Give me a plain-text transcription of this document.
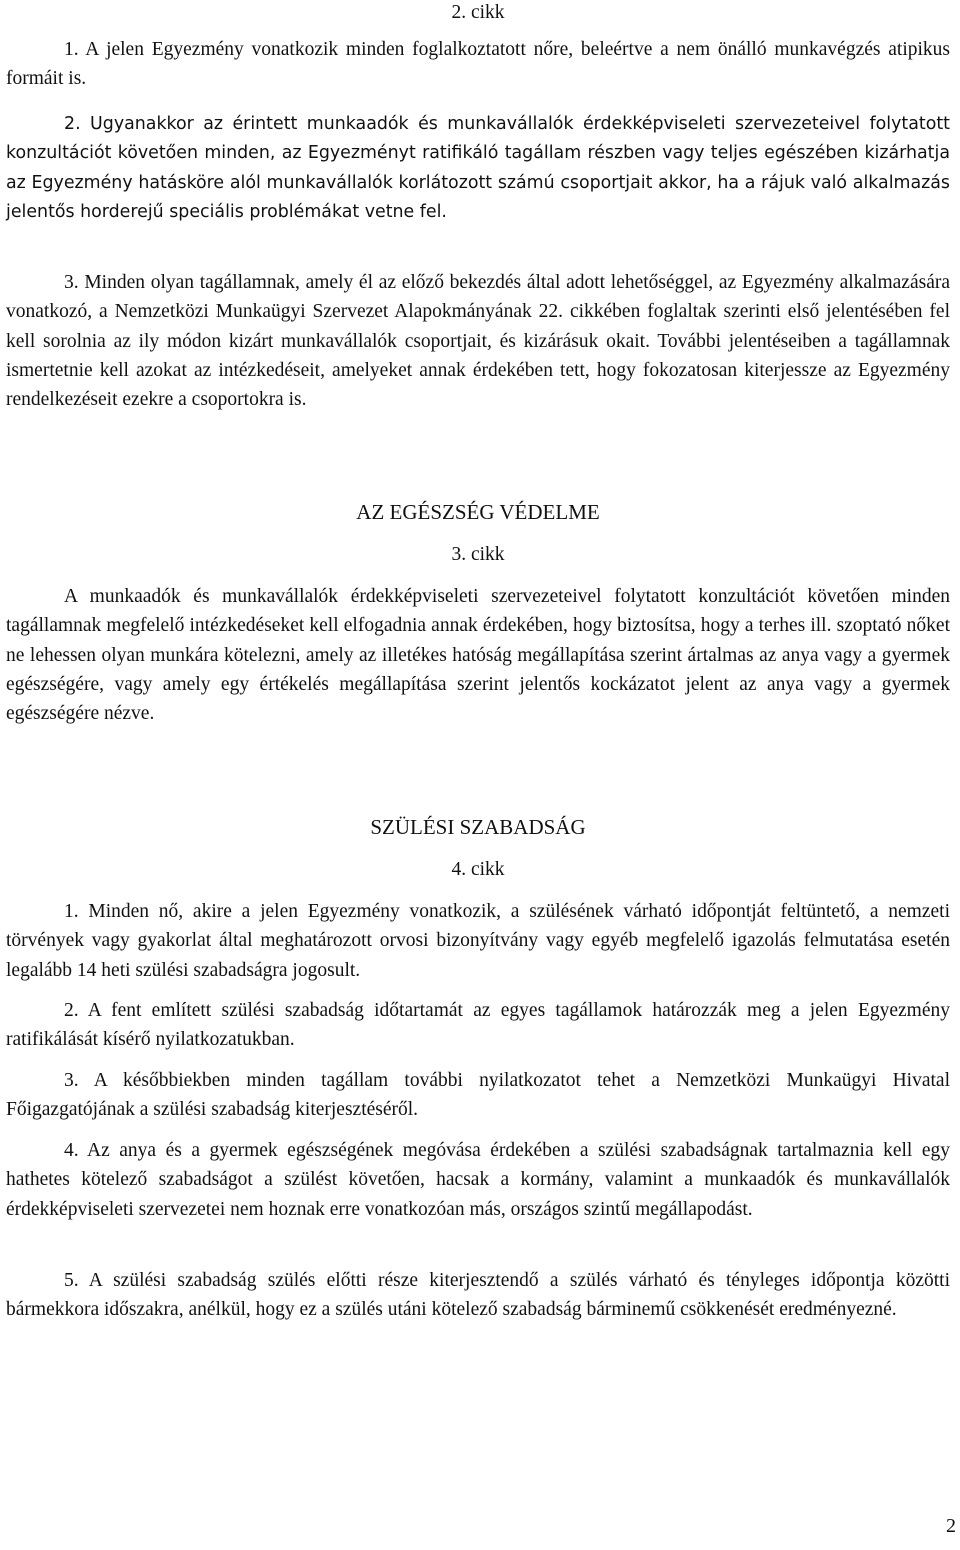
2. cikk

1. A jelen Egyezmény vonatkozik minden foglalkoztatott nőre, beleértve a nem önálló munkavégzés atipikus formáit is.

2. Ugyanakkor az érintett munkaadók és munkavállalók érdekképviseleti szervezeteivel folytatott konzultációt követően minden, az Egyezményt ratifikáló tagállam részben vagy teljes egészében kizárhatja az Egyezmény hatásköre alól munkavállalók korlátozott számú csoportjait akkor, ha a rájuk való alkalmazás jelentős horderejű speciális problémákat vetne fel.

3. Minden olyan tagállamnak, amely él az előző bekezdés által adott lehetőséggel, az Egyezmény alkalmazására vonatkozó, a Nemzetközi Munkaügyi Szervezet Alapokmányának 22. cikkében foglaltak szerinti első jelentésében fel kell sorolnia az ily módon kizárt munkavállalók csoportjait, és kizárásuk okait. További jelentéseiben a tagállamnak ismertetnie kell azokat az intézkedéseit, amelyeket annak érdekében tett, hogy fokozatosan kiterjessze az Egyezmény rendelkezéseit ezekre a csoportokra is.

AZ EGÉSZSÉG VÉDELME
3. cikk

A munkaadók és munkavállalók érdekképviseleti szervezeteivel folytatott konzultációt követően minden tagállamnak megfelelő intézkedéseket kell elfogadnia annak érdekében, hogy biztosítsa, hogy a terhes ill. szoptató nőket ne lehessen olyan munkára kötelezni, amely az illetékes hatóság megállapítása szerint ártalmas az anya vagy a gyermek egészségére, vagy amely egy értékelés megállapítása szerint jelentős kockázatot jelent az anya vagy a gyermek egészségére nézve.

SZÜLÉSI SZABADSÁG
4. cikk

1. Minden nő, akire a jelen Egyezmény vonatkozik, a szülésének várható időpontját feltüntető, a nemzeti törvények vagy gyakorlat által meghatározott orvosi bizonyítvány vagy egyéb megfelelő igazolás felmutatása esetén legalább 14 heti szülési szabadságra jogosult.

2. A fent említett szülési szabadság időtartamát az egyes tagállamok határozzák meg a jelen Egyezmény ratifikálását kísérő nyilatkozatukban.

3. A későbbiekben minden tagállam további nyilatkozatot tehet a Nemzetközi Munkaügyi Hivatal Főigazgatójának a szülési szabadság kiterjesztéséről.

4. Az anya és a gyermek egészségének megóvása érdekében a szülési szabadságnak tartalmaznia kell egy hathetes kötelező szabadságot a szülést követően, hacsak a kormány, valamint a munkaadók és munkavállalók érdekképviseleti szervezetei nem hoznak erre vonatkozóan más, országos szintű megállapodást.

5. A szülési szabadság szülés előtti része kiterjesztendő a szülés várható és tényleges időpontja közötti bármekkora időszakra, anélkül, hogy ez a szülés utáni kötelező szabadság bárminemű csökkenését eredményezné.

2
